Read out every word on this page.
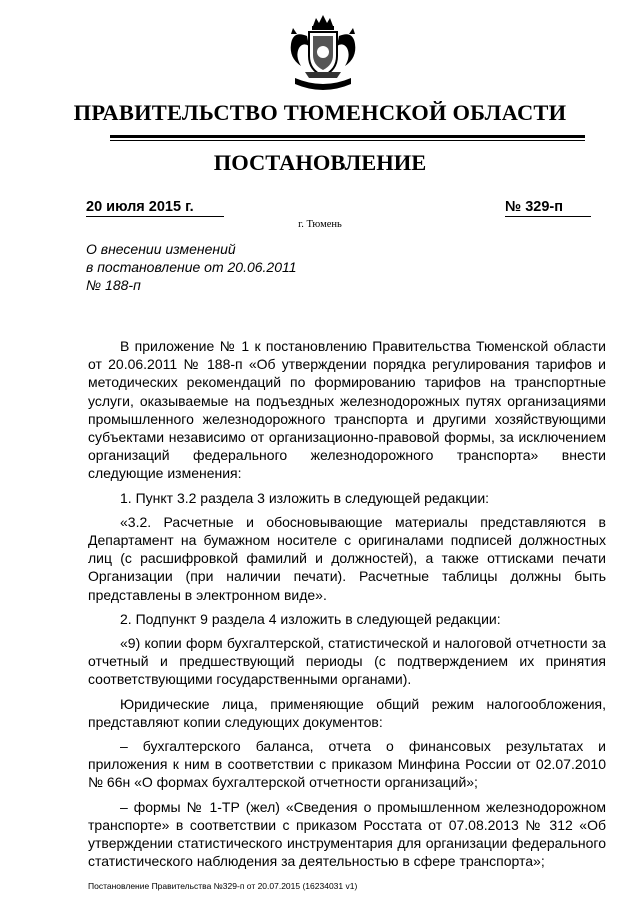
ПРАВИТЕЛЬСТВО ТЮМЕНСКОЙ ОБЛАСТИ
ПОСТАНОВЛЕНИЕ
20 июля 2015 г.	№ 329-п
г. Тюмень
О внесении изменений
в постановление от 20.06.2011
№ 188-п

В приложение № 1 к постановлению Правительства Тюменской области от 20.06.2011 № 188-п «Об утверждении порядка регулирования тарифов и методических рекомендаций по формированию тарифов на транспортные услуги, оказываемые на подъездных железнодорожных путях организациями промышленного железнодорожного транспорта и другими хозяйствующими субъектами независимо от организационно-правовой формы, за исключением организаций федерального железнодорожного транспорта» внести следующие изменения:

1. Пункт 3.2 раздела 3 изложить в следующей редакции:

«3.2. Расчетные и обосновывающие материалы представляются в Департамент на бумажном носителе с оригиналами подписей должностных лиц (с расшифровкой фамилий и должностей), а также оттисками печати Организации (при наличии печати). Расчетные таблицы должны быть представлены в электронном виде».

2. Подпункт 9 раздела 4 изложить в следующей редакции:

«9) копии форм бухгалтерской, статистической и налоговой отчетности за отчетный и предшествующий периоды (с подтверждением их принятия соответствующими государственными органами).

Юридические лица, применяющие общий режим налогообложения, представляют копии следующих документов:

– бухгалтерского баланса, отчета о финансовых результатах и приложения к ним в соответствии с приказом Минфина России от 02.07.2010 № 66н «О формах бухгалтерской отчетности организаций»;

– формы № 1-ТР (жел) «Сведения о промышленном железнодорожном транспорте» в соответствии с приказом Росстата от 07.08.2013 № 312 «Об утверждении статистического инструментария для организации федерального статистического наблюдения за деятельностью в сфере транспорта»;

Постановление Правительства №329-п от 20.07.2015 (16234031 v1)
